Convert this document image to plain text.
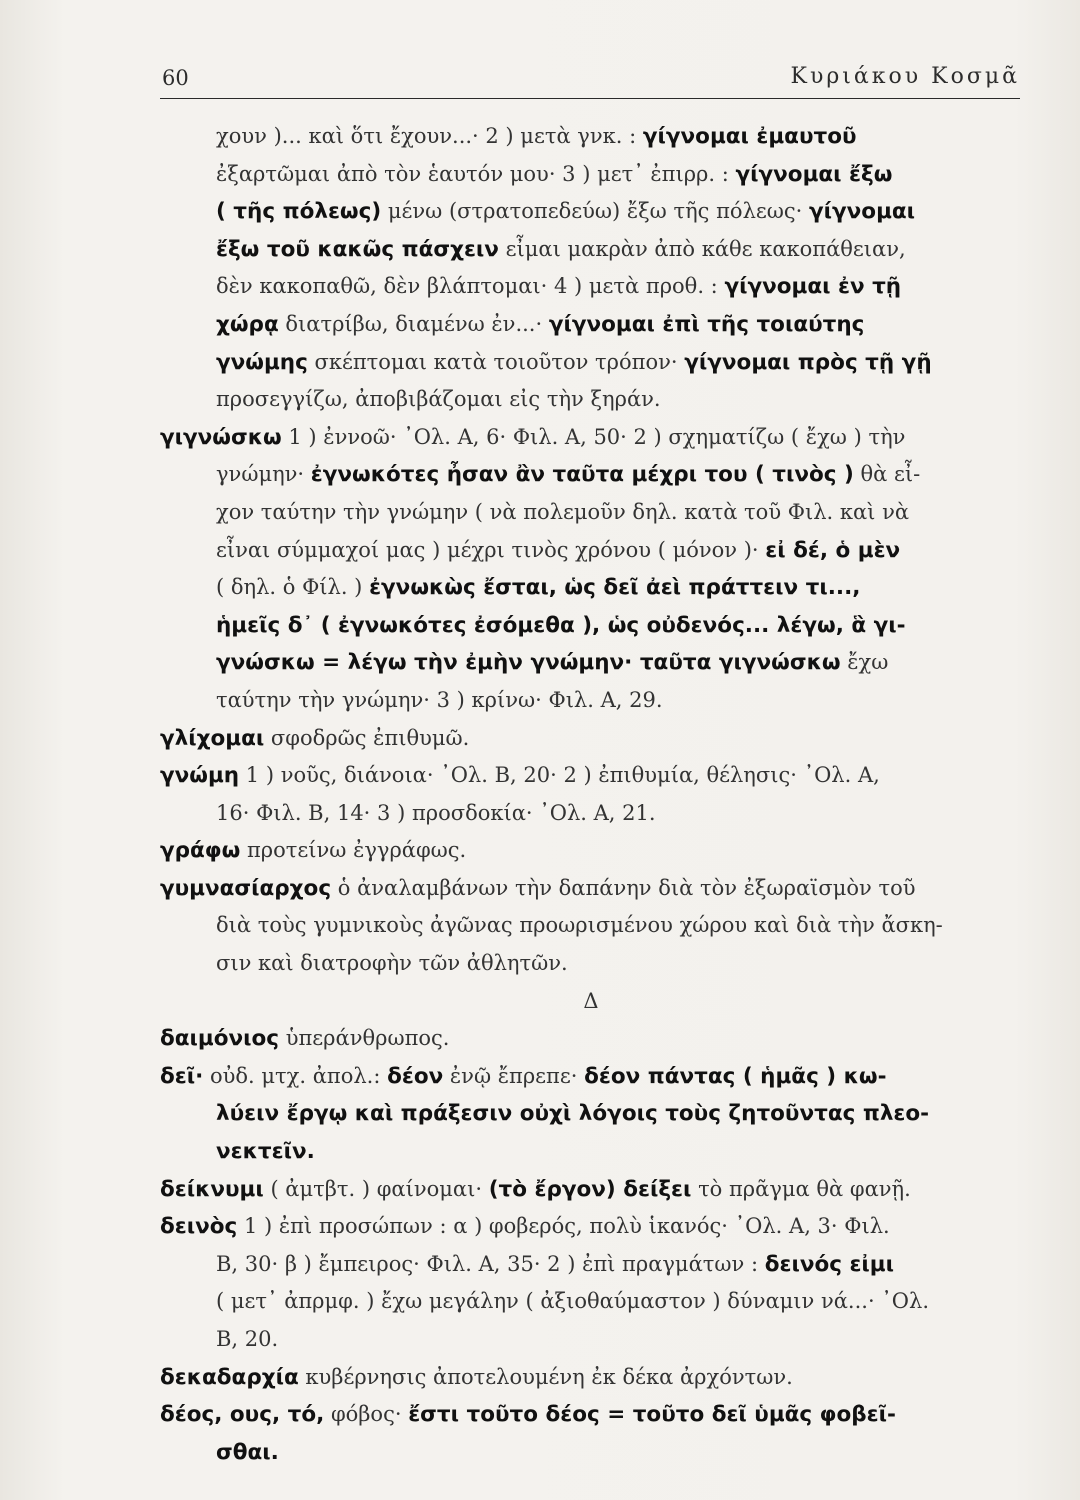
60	Κυριάκου Κοσμᾶ
χουν )... καὶ ὅτι ἔχουν...· 2 ) μετὰ γνκ. : γίγνομαι ἐμαυτοῦ
ἐξαρτῶμαι ἀπὸ τὸν ἑαυτόν μου· 3 ) μετ᾽ ἐπιρρ. : γίγνομαι ἔξω
( τῆς πόλεως) μένω (στρατοπεδεύω) ἔξω τῆς πόλεως· γίγνομαι
ἔξω τοῦ κακῶς πάσχειν εἶμαι μακρὰν ἀπὸ κάθε κακοπάθειαν,
δὲν κακοπαθῶ, δὲν βλάπτομαι· 4 ) μετὰ προθ. : γίγνομαι ἐν τῇ
χώρᾳ διατρίβω, διαμένω ἐν...· γίγνομαι ἐπὶ τῆς τοιαύτης
γνώμης σκέπτομαι κατὰ τοιοῦτον τρόπον· γίγνομαι πρὸς τῇ γῇ
προσεγγίζω, ἀποβιβάζομαι εἰς τὴν ξηράν.
γιγνώσκω 1 ) ἐννοῶ· ᾿Ολ. Α, 6· Φιλ. Α, 50· 2 ) σχηματίζω ( ἔχω ) τὴν
γνώμην· ἐγνωκότες ἦσαν ἂν ταῦτα μέχρι του ( τινὸς ) θὰ εἶ-
χον ταύτην τὴν γνώμην ( νὰ πολεμοῦν δηλ. κατὰ τοῦ Φιλ. καὶ νὰ
εἶναι σύμμαχοί μας ) μέχρι τινὸς χρόνου ( μόνον )· εἰ δέ, ὁ μὲν
( δηλ. ὁ Φίλ. ) ἐγνωκὼς ἔσται, ὡς δεῖ ἀεὶ πράττειν τι...,
ἡμεῖς δ᾽ ( ἐγνωκότες ἐσόμεθα ), ὡς οὐδενός... λέγω, ἃ γι-
γνώσκω = λέγω τὴν ἐμὴν γνώμην· ταῦτα γιγνώσκω ἔχω
ταύτην τὴν γνώμην· 3 ) κρίνω· Φιλ. Α, 29.
γλίχομαι σφοδρῶς ἐπιθυμῶ.
γνώμη 1 ) νοῦς, διάνοια· ᾿Ολ. Β, 20· 2 ) ἐπιθυμία, θέλησις· ᾿Ολ. Α,
16· Φιλ. Β, 14· 3 ) προσδοκία· ᾿Ολ. Α, 21.
γράφω προτείνω ἐγγράφως.
γυμνασίαρχος ὁ ἀναλαμβάνων τὴν δαπάνην διὰ τὸν ἐξωραϊσμὸν τοῦ
διὰ τοὺς γυμνικοὺς ἀγῶνας προωρισμένου χώρου καὶ διὰ τὴν ἄσκη-
σιν καὶ διατροφὴν τῶν ἀθλητῶν.
Δ
δαιμόνιος ὑπεράνθρωπος.
δεῖ· οὐδ. μτχ. ἀπολ.: δέον ἐνῷ ἔπρεπε· δέον πάντας ( ἡμᾶς ) κω-
λύειν ἔργῳ καὶ πράξεσιν οὐχὶ λόγοις τοὺς ζητοῦντας πλεο-
νεκτεῖν.
δείκνυμι ( ἀμτβτ. ) φαίνομαι· (τὸ ἔργον) δείξει τὸ πρᾶγμα θὰ φανῇ.
δεινὸς 1 ) ἐπὶ προσώπων : α ) φοβερός, πολὺ ἱκανός· ᾿Ολ. Α, 3· Φιλ.
Β, 30· β ) ἔμπειρος· Φιλ. Α, 35· 2 ) ἐπὶ πραγμάτων : δεινός εἰμι
( μετ᾽ ἀπρμφ. ) ἔχω μεγάλην ( ἀξιοθαύμαστον ) δύναμιν νά...· ᾿Ολ.
Β, 20.
δεκαδαρχία κυβέρνησις ἀποτελουμένη ἐκ δέκα ἀρχόντων.
δέος, ους, τό, φόβος· ἔστι τοῦτο δέος = τοῦτο δεῖ ὑμᾶς φοβεῖ-
σθαι.
